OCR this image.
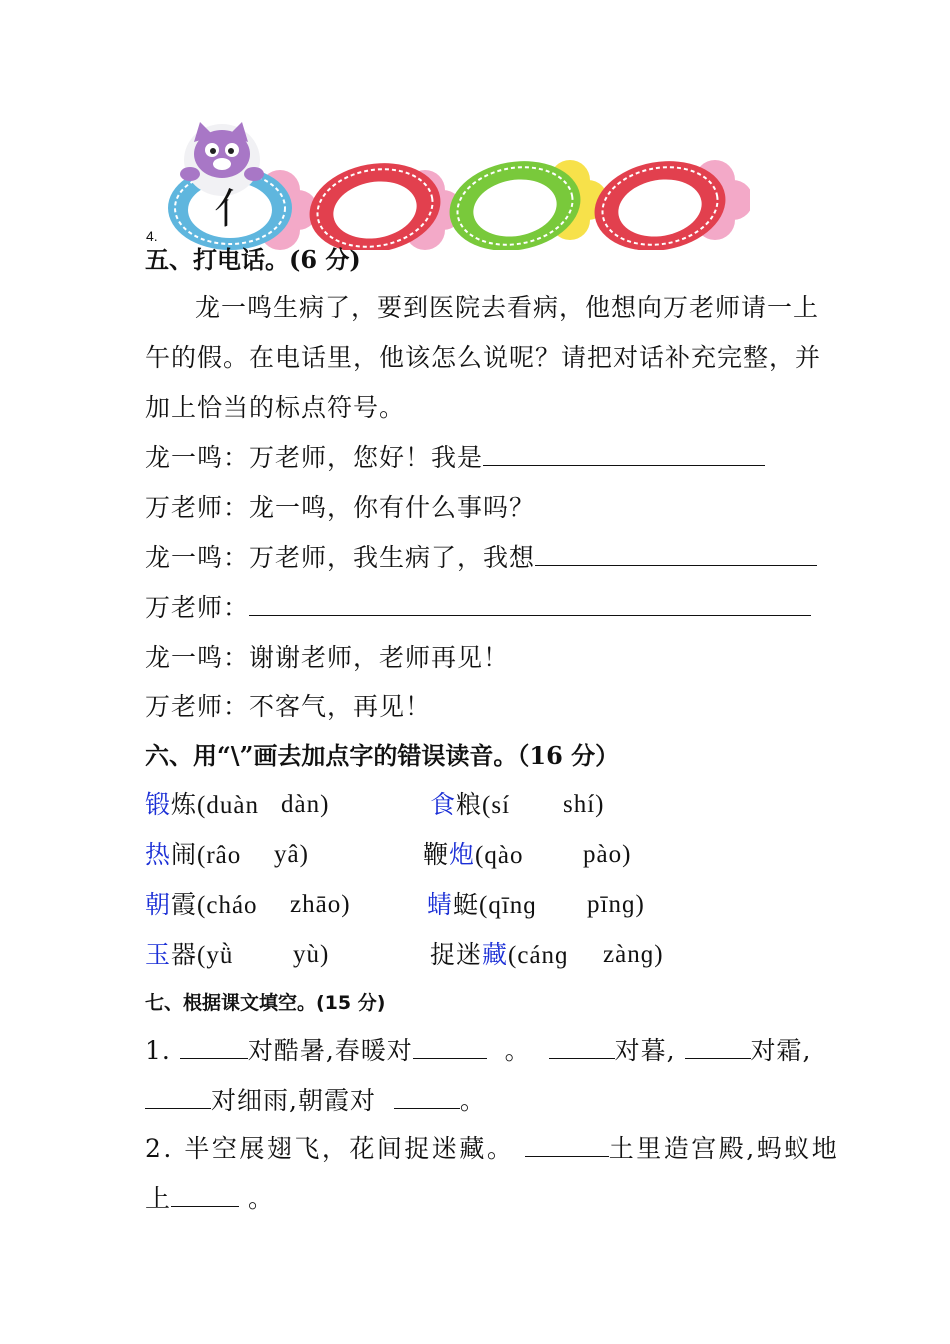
亻
4.
五、打电话。(6 分)
龙一鸣生病了，要到医院去看病，他想向万老师请一上
午的假。在电话里，他该怎么说呢？请把对话补充完整，并
加上恰当的标点符号。
龙一鸣：万老师，您好！我是
万老师：龙一鸣，你有什么事吗？
龙一鸣：万老师，我生病了，我想
万老师：
龙一鸣：谢谢老师，老师再见！
万老师：不客气，再见！
六、用“\”画去加点字的错误读音。（16 分）
锻炼(duàn dàn)	食粮(sí shí)
热闹(râo yâ)	鞭炮(qào pào)
朝霞(cháo zhāo)	蜻蜓(qīnɡ pīnɡ)
玉器(yǜ yù)	捉迷藏(cánɡ zànɡ)
七、根据课文填空。(15 分)
1.	对酷暑,春暖对	。	对暮,	对霜,
对细雨,朝霞对	。
2. 半空展翅飞，花间捉迷藏。	土里造宫殿,蚂蚁地
上	。
